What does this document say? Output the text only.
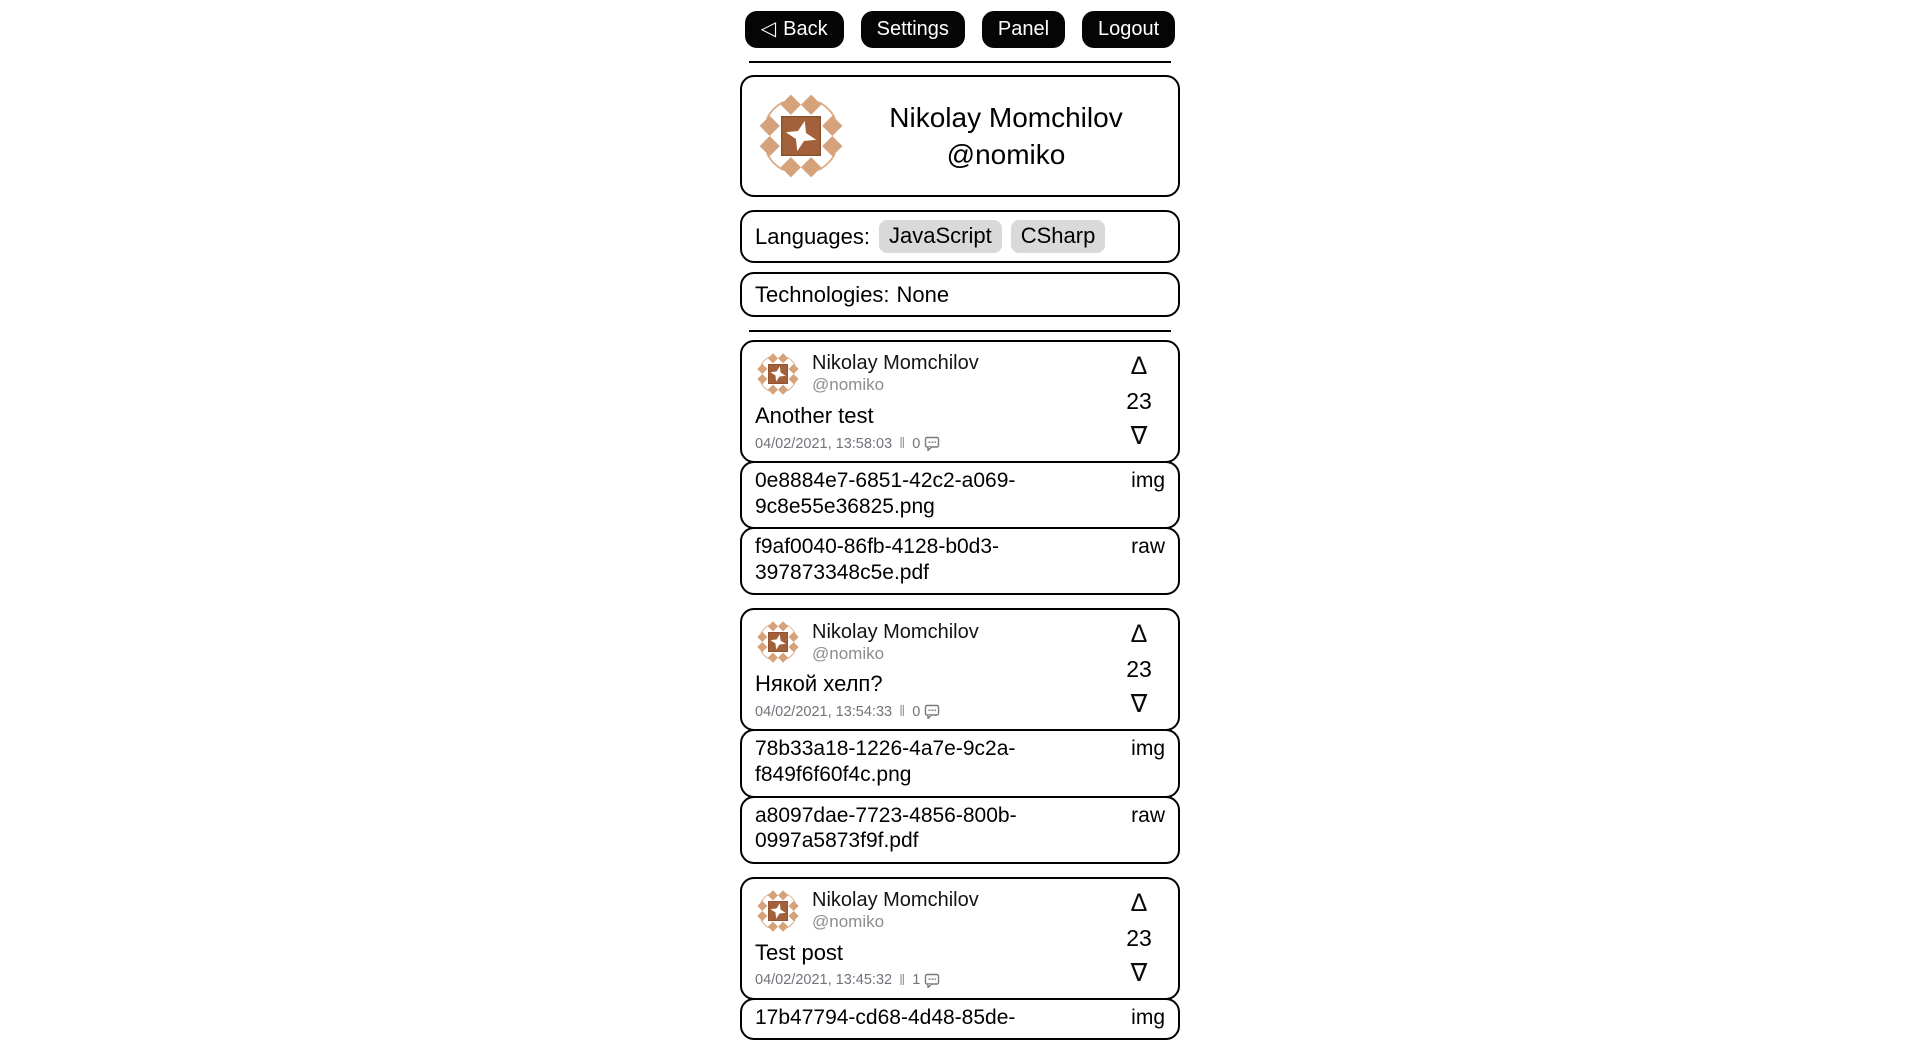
◁ Back Settings Panel Logout
Nikolay Momchilov
@nomiko
Languages: JavaScript	CSharp
Technologies: None
Nikolay Momchilov
@nomiko
Another test
04/02/2021, 13:58:03 ‖ 0
Δ
23
∇
0e8884e7-6851-42c2-a069-9c8e55e36825.png
img
f9af0040-86fb-4128-b0d3-397873348c5e.pdf
raw
Nikolay Momchilov
@nomiko
Някой хелп?
04/02/2021, 13:54:33 ‖ 0
Δ
23
∇
78b33a18-1226-4a7e-9c2a-f849f6f60f4c.png
img
a8097dae-7723-4856-800b-0997a5873f9f.pdf
raw
Nikolay Momchilov
@nomiko
Test post
04/02/2021, 13:45:32 ‖ 1
Δ
23
∇
17b47794-cd68-4d48-85de-	img
